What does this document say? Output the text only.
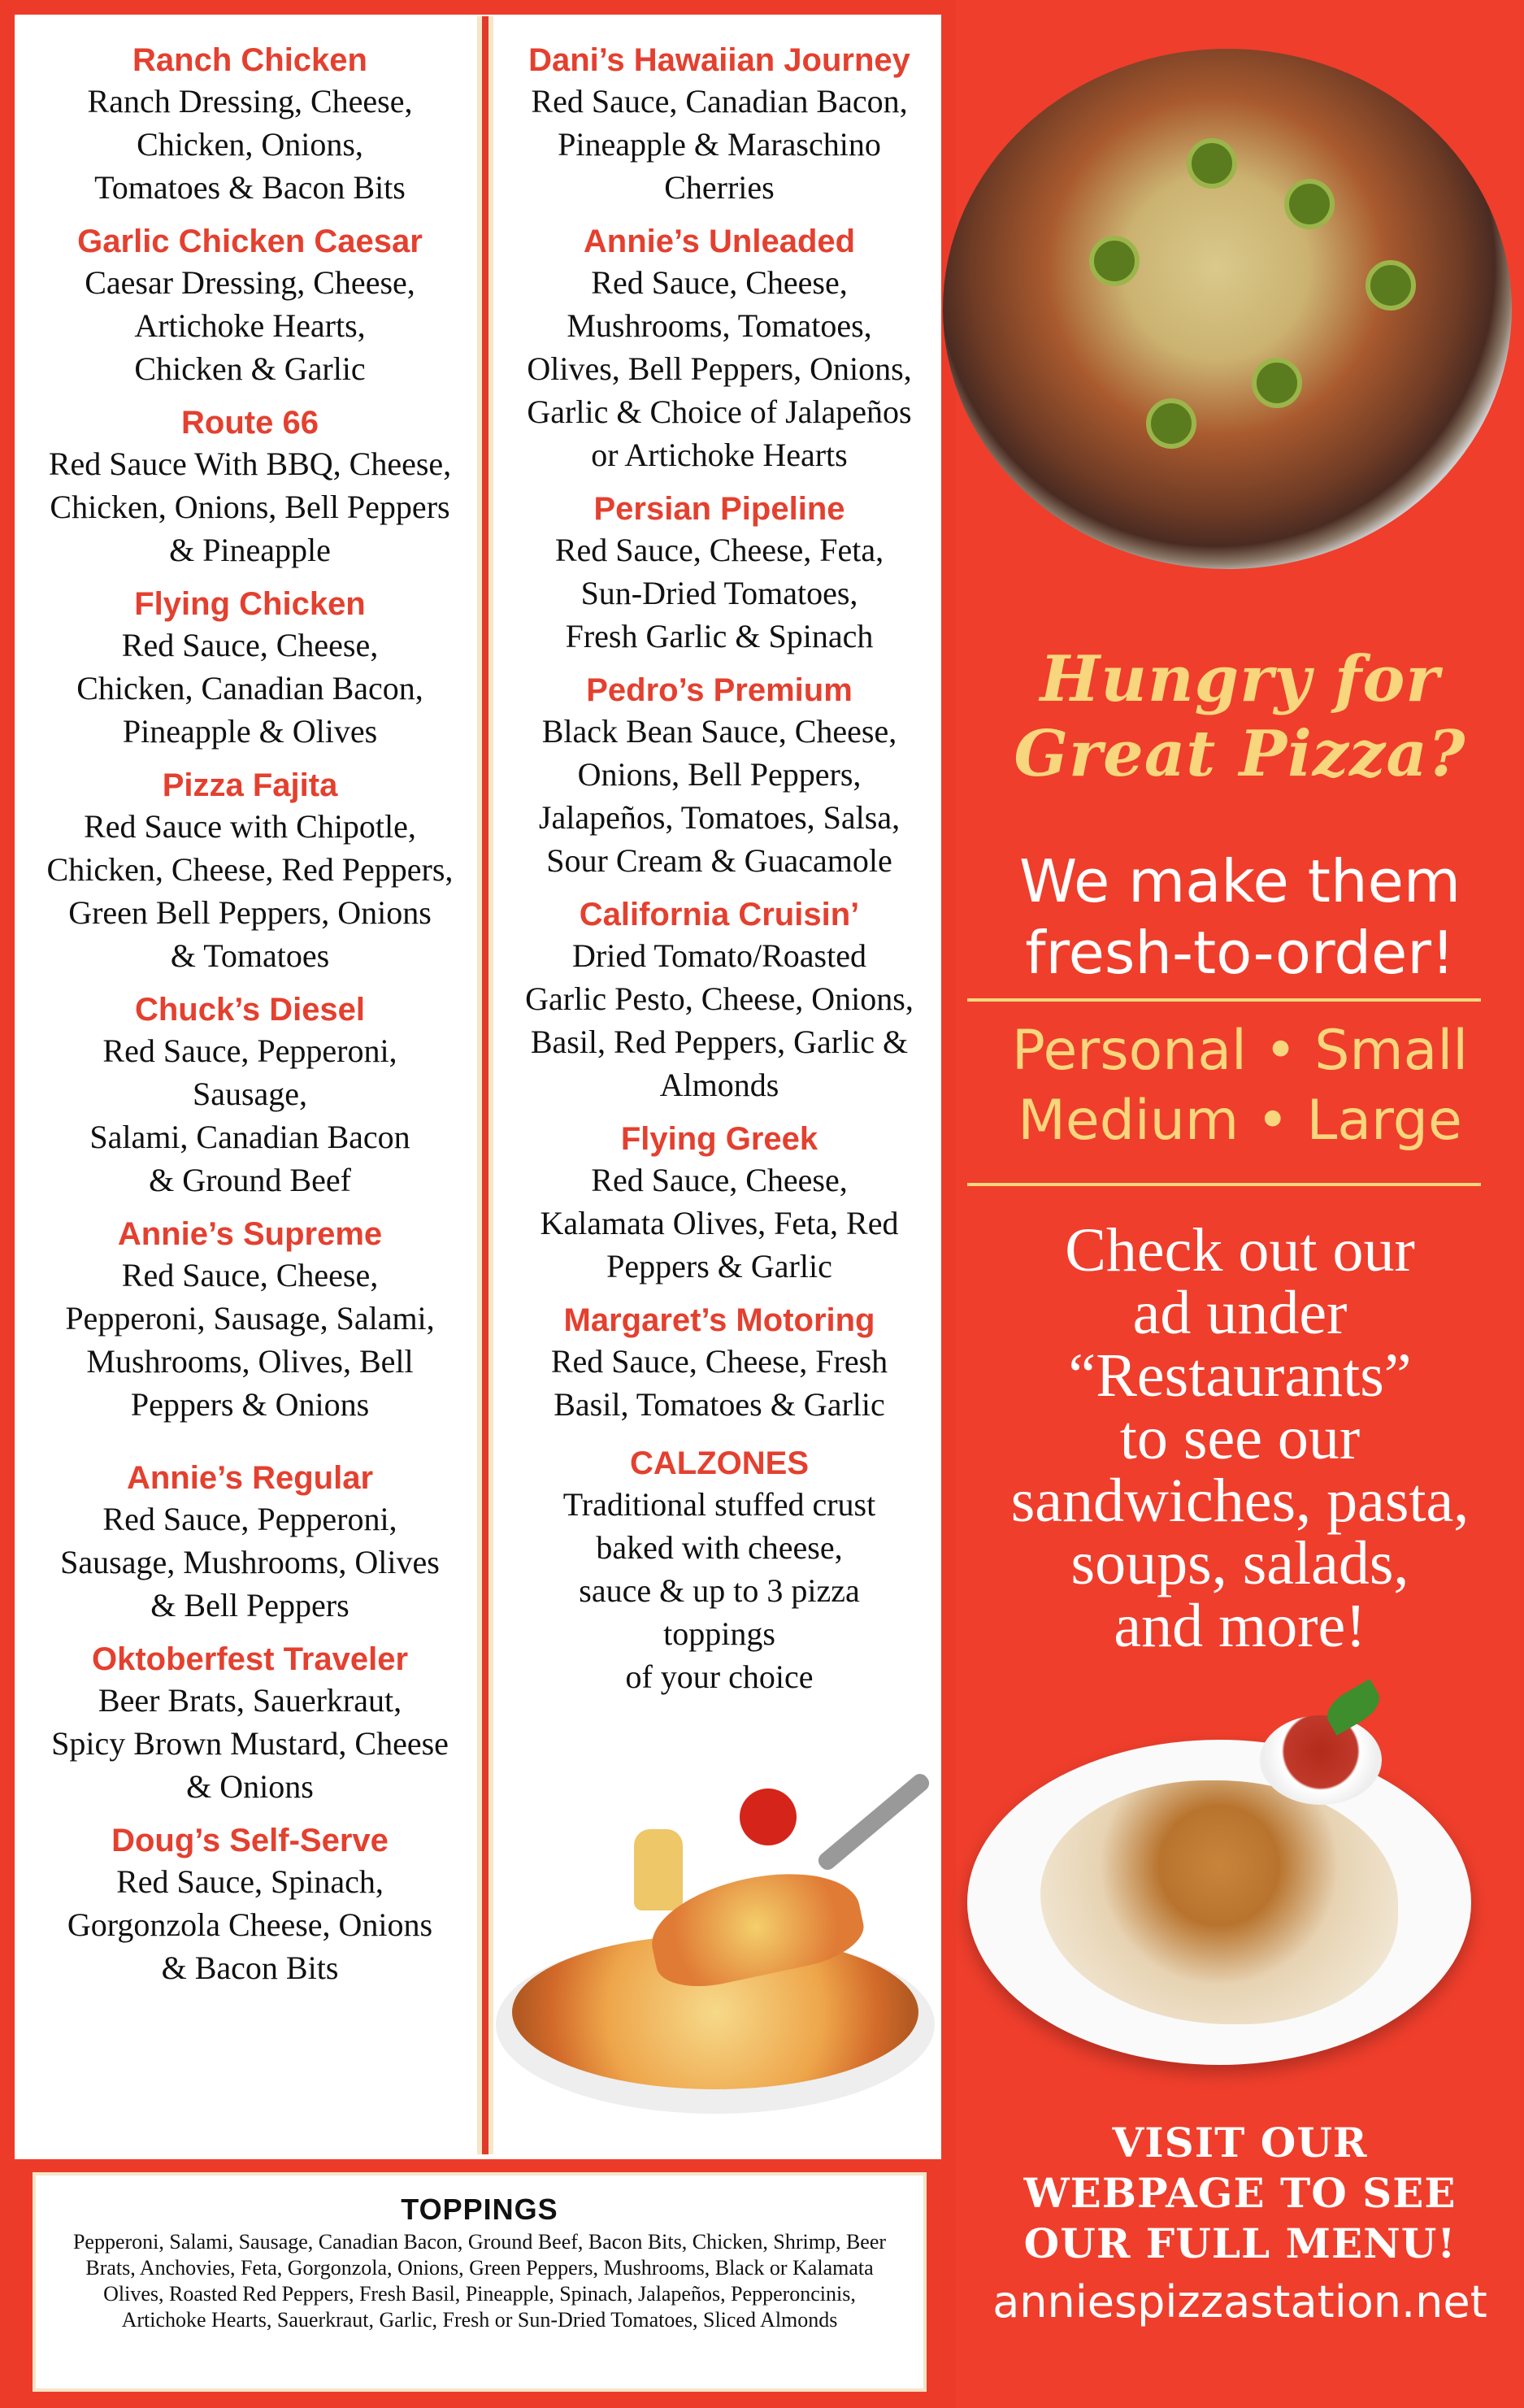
Ranch Chicken
Ranch Dressing, Cheese,
Chicken, Onions,
Tomatoes & Bacon Bits
Garlic Chicken Caesar
Caesar Dressing, Cheese,
Artichoke Hearts,
Chicken & Garlic
Route 66
Red Sauce With BBQ, Cheese,
Chicken, Onions, Bell Peppers
& Pineapple
Flying Chicken
Red Sauce, Cheese,
Chicken, Canadian Bacon,
Pineapple & Olives
Pizza Fajita
Red Sauce with Chipotle,
Chicken, Cheese, Red Peppers,
Green Bell Peppers, Onions
& Tomatoes
Chuck’s Diesel
Red Sauce, Pepperoni,
Sausage,
Salami, Canadian Bacon
& Ground Beef
Annie’s Supreme
Red Sauce, Cheese,
Pepperoni, Sausage, Salami,
Mushrooms, Olives, Bell
Peppers & Onions
Annie’s Regular
Red Sauce, Pepperoni,
Sausage, Mushrooms, Olives
& Bell Peppers
Oktoberfest Traveler
Beer Brats, Sauerkraut,
Spicy Brown Mustard, Cheese
& Onions
Doug’s Self-Serve
Red Sauce, Spinach,
Gorgonzola Cheese, Onions
& Bacon Bits
Dani’s Hawaiian Journey
Red Sauce, Canadian Bacon,
Pineapple & Maraschino
Cherries
Annie’s Unleaded
Red Sauce, Cheese,
Mushrooms, Tomatoes,
Olives, Bell Peppers, Onions,
Garlic & Choice of Jalapeños
or Artichoke Hearts
Persian Pipeline
Red Sauce, Cheese, Feta,
Sun-Dried Tomatoes,
Fresh Garlic & Spinach
Pedro’s Premium
Black Bean Sauce, Cheese,
Onions, Bell Peppers,
Jalapeños, Tomatoes, Salsa,
Sour Cream & Guacamole
California Cruisin’
Dried Tomato/Roasted
Garlic Pesto, Cheese, Onions,
Basil, Red Peppers, Garlic &
Almonds
Flying Greek
Red Sauce, Cheese,
Kalamata Olives, Feta, Red
Peppers & Garlic
Margaret’s Motoring
Red Sauce, Cheese, Fresh
Basil, Tomatoes & Garlic
CALZONES
Traditional stuffed crust
baked with cheese,
sauce & up to 3 pizza
toppings
of your choice
TOPPINGS
Pepperoni, Salami, Sausage, Canadian Bacon, Ground Beef, Bacon Bits, Chicken, Shrimp, Beer Brats, Anchovies, Feta, Gorgonzola, Onions, Green Peppers, Mushrooms, Black or Kalamata Olives, Roasted Red Peppers, Fresh Basil, Pineapple, Spinach, Jalapeños, Pepperoncinis, Artichoke Hearts, Sauerkraut, Garlic, Fresh or Sun-Dried Tomatoes, Sliced Almonds
Hungry for
Great Pizza?
We make them
fresh-to-order!
Personal • Small
Medium • Large
Check out our
ad under
“Restaurants”
to see our
sandwiches, pasta,
soups, salads,
and more!
VISIT OUR
WEBPAGE TO SEE
OUR FULL MENU!
anniespizzastation.net
